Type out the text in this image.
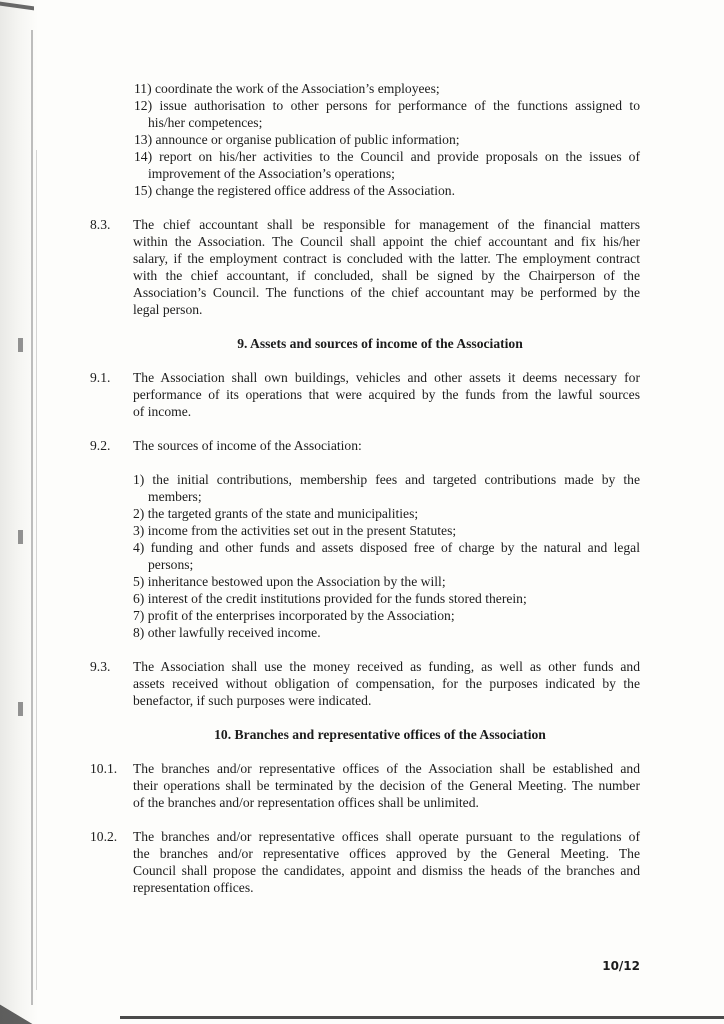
11) coordinate the work of the Association’s employees;
12) issue authorisation to other persons for performance of the functions assigned to
his/her competences;
13) announce or organise publication of public information;
14) report on his/her activities to the Council and provide proposals on the issues of
improvement of the Association’s operations;
15) change the registered office address of the Association.
8.3. The chief accountant shall be responsible for management of the financial matters
within the Association. The Council shall appoint the chief accountant and fix his/her
salary, if the employment contract is concluded with the latter. The employment contract
with the chief accountant, if concluded, shall be signed by the Chairperson of the
Association’s Council. The functions of the chief accountant may be performed by the
legal person.
9. Assets and sources of income of the Association
9.1. The Association shall own buildings, vehicles and other assets it deems necessary for
performance of its operations that were acquired by the funds from the lawful sources
of income.
9.2. The sources of income of the Association:
1) the initial contributions, membership fees and targeted contributions made by the
members;
2) the targeted grants of the state and municipalities;
3) income from the activities set out in the present Statutes;
4) funding and other funds and assets disposed free of charge by the natural and legal
persons;
5) inheritance bestowed upon the Association by the will;
6) interest of the credit institutions provided for the funds stored therein;
7) profit of the enterprises incorporated by the Association;
8) other lawfully received income.
9.3. The Association shall use the money received as funding, as well as other funds and
assets received without obligation of compensation, for the purposes indicated by the
benefactor, if such purposes were indicated.
10. Branches and representative offices of the Association
10.1. The branches and/or representative offices of the Association shall be established and
their operations shall be terminated by the decision of the General Meeting. The number
of the branches and/or representation offices shall be unlimited.
10.2. The branches and/or representative offices shall operate pursuant to the regulations of
the branches and/or representative offices approved by the General Meeting. The
Council shall propose the candidates, appoint and dismiss the heads of the branches and
representation offices.
10/12
